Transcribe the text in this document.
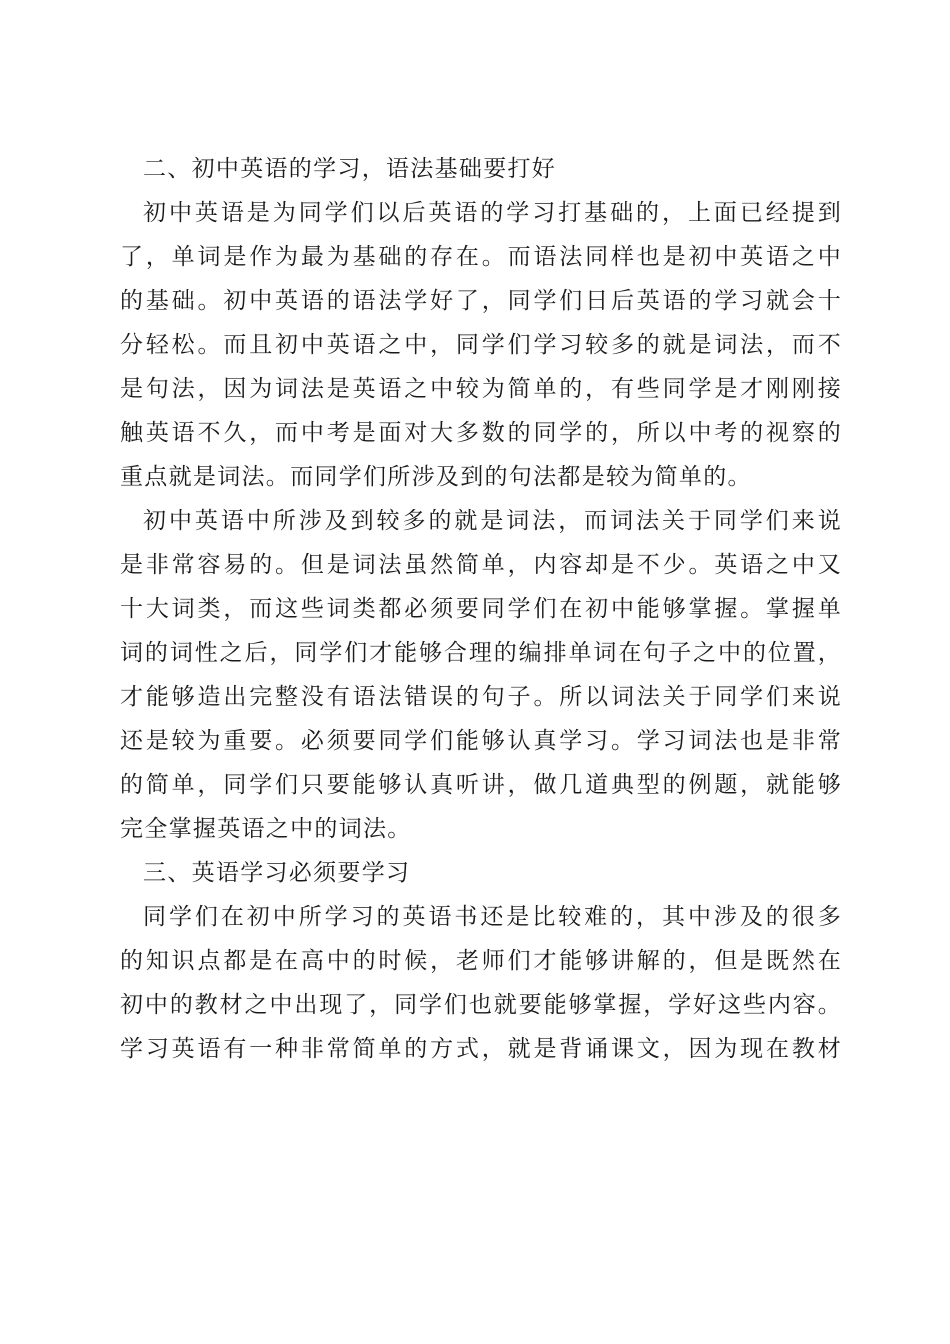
二、初中英语的学习，语法基础要打好
初中英语是为同学们以后英语的学习打基础的，上面已经提到
了，单词是作为最为基础的存在。而语法同样也是初中英语之中
的基础。初中英语的语法学好了，同学们日后英语的学习就会十
分轻松。而且初中英语之中，同学们学习较多的就是词法，而不
是句法，因为词法是英语之中较为简单的，有些同学是才刚刚接
触英语不久，而中考是面对大多数的同学的，所以中考的视察的
重点就是词法。而同学们所涉及到的句法都是较为简单的。
初中英语中所涉及到较多的就是词法，而词法关于同学们来说
是非常容易的。但是词法虽然简单，内容却是不少。英语之中又
十大词类，而这些词类都必须要同学们在初中能够掌握。掌握单
词的词性之后，同学们才能够合理的编排单词在句子之中的位置，
才能够造出完整没有语法错误的句子。所以词法关于同学们来说
还是较为重要。必须要同学们能够认真学习。学习词法也是非常
的简单，同学们只要能够认真听讲，做几道典型的例题，就能够
完全掌握英语之中的词法。
三、英语学习必须要学习
同学们在初中所学习的英语书还是比较难的，其中涉及的很多
的知识点都是在高中的时候，老师们才能够讲解的，但是既然在
初中的教材之中出现了，同学们也就要能够掌握，学好这些内容。
学习英语有一种非常简单的方式，就是背诵课文，因为现在教材
